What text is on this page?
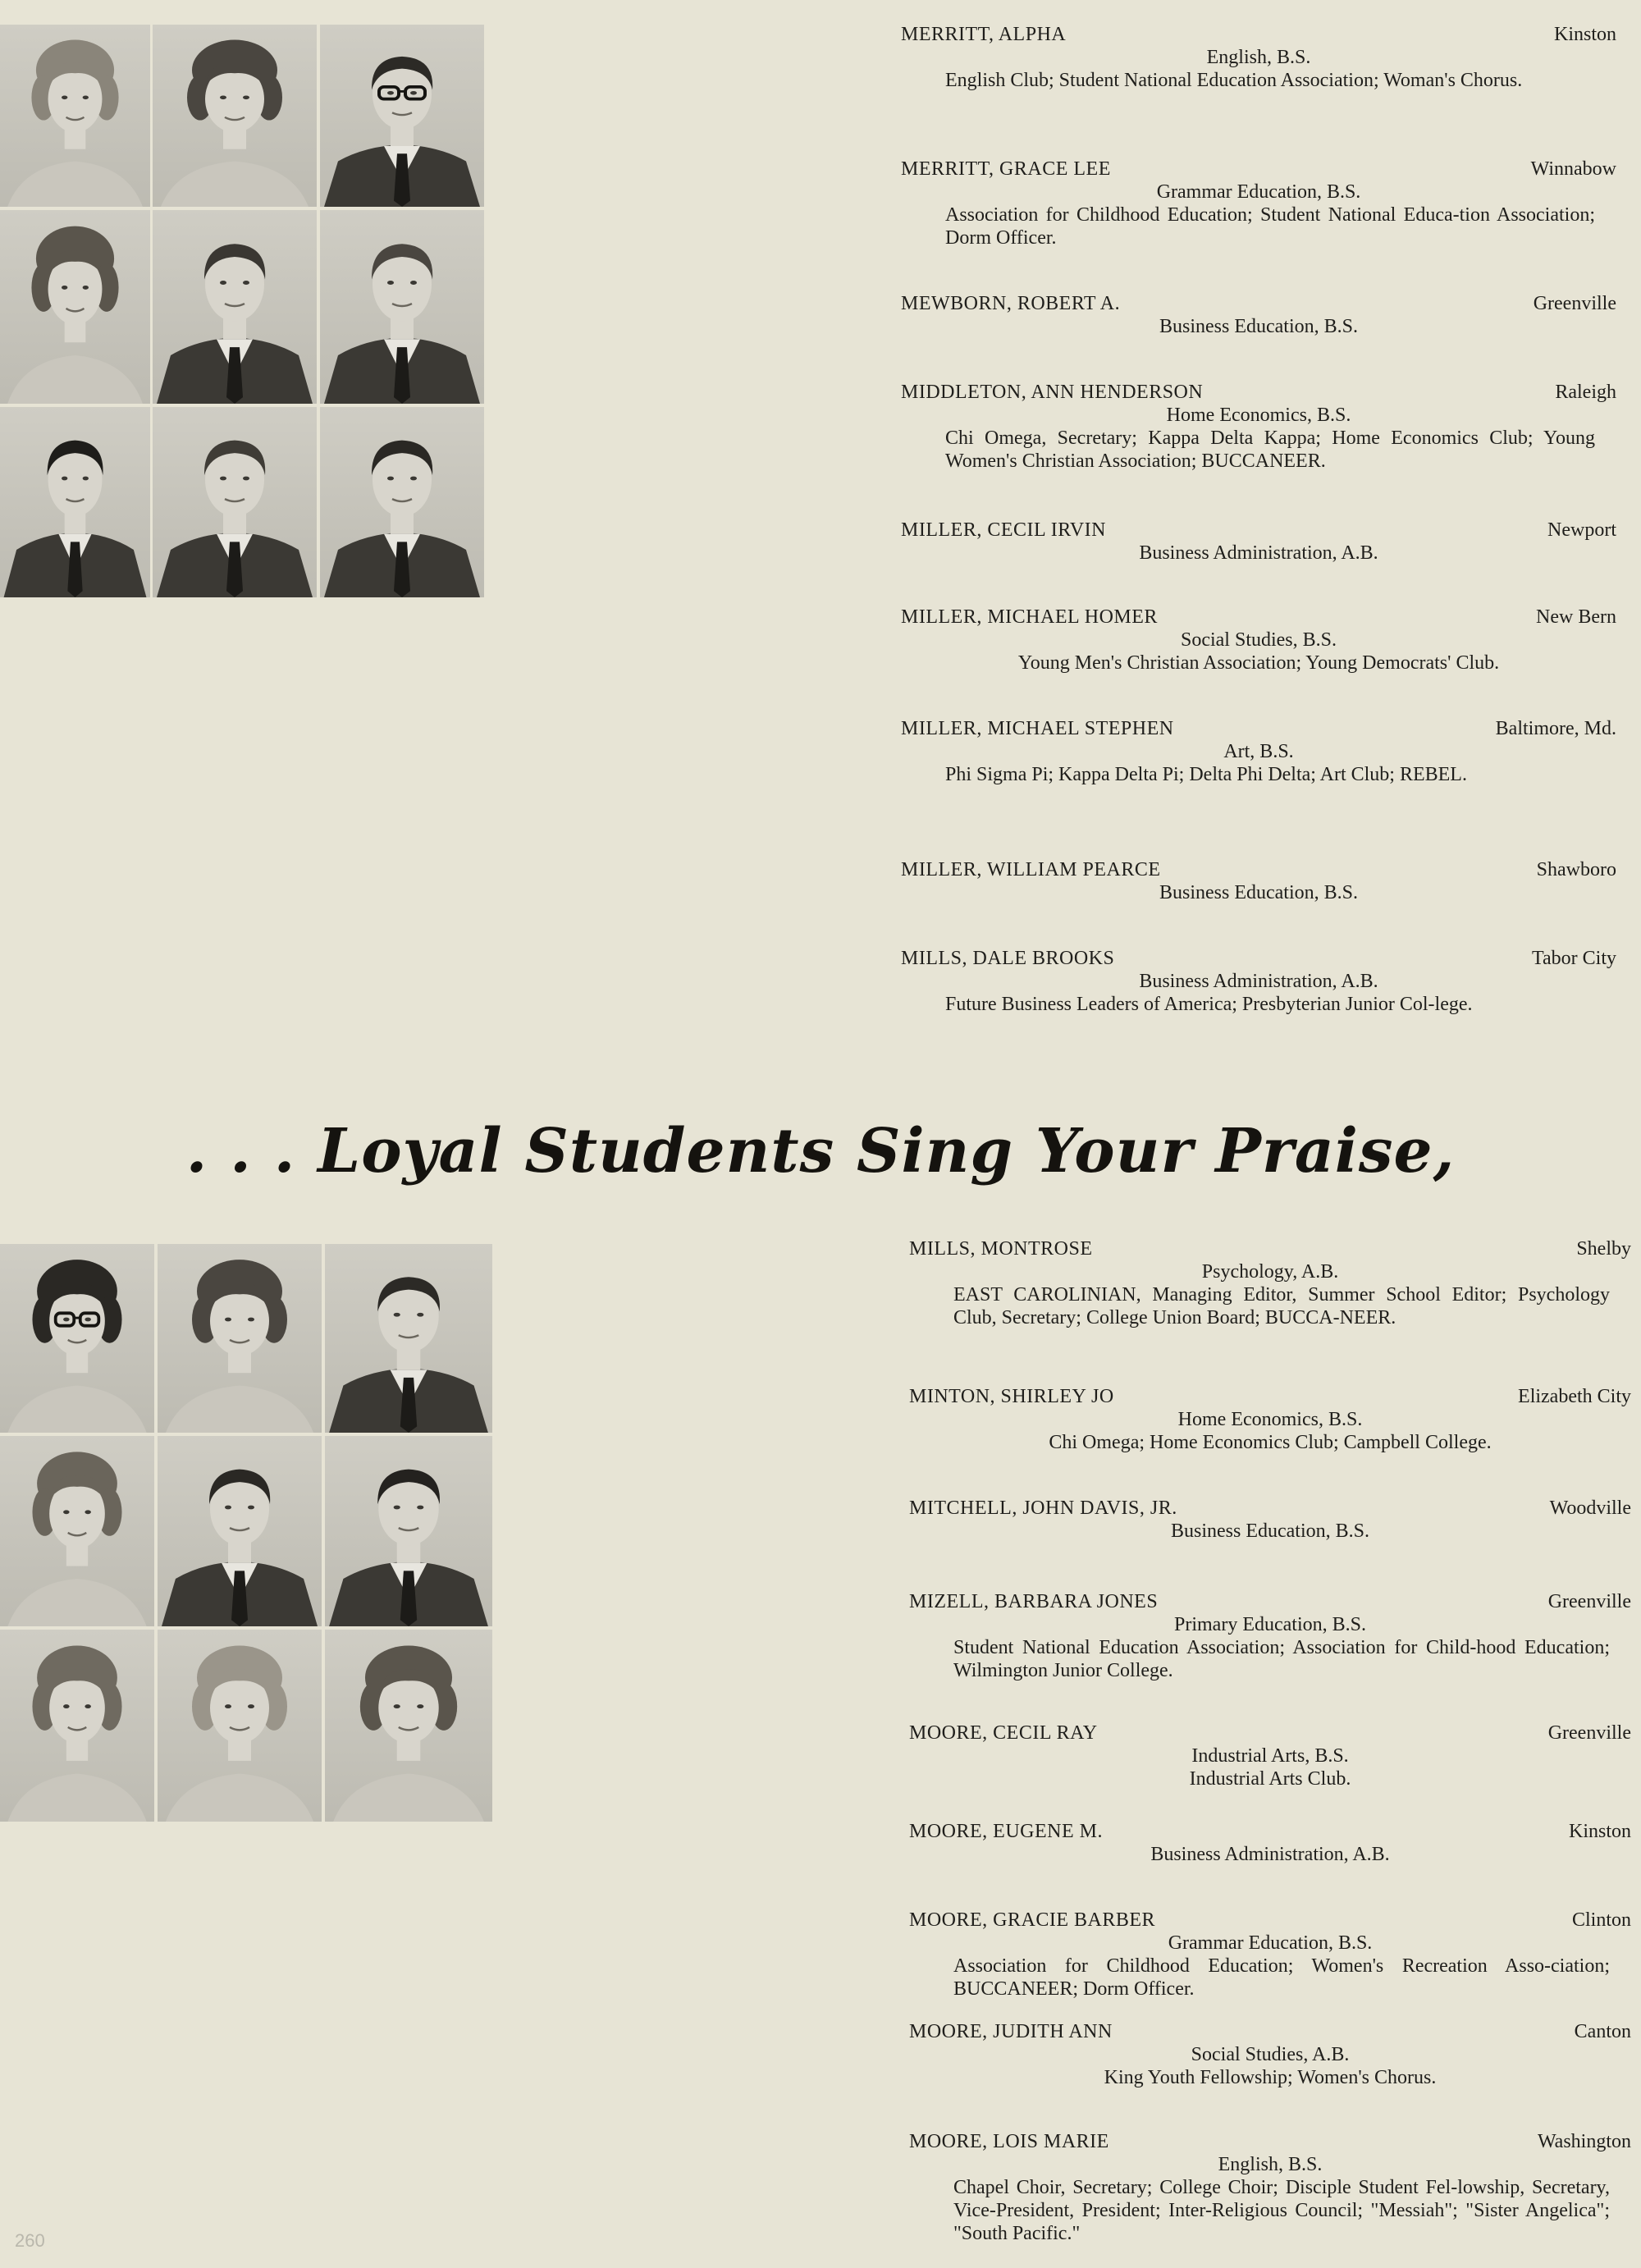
MERRITT, ALPHA	Kinston
English, B.S.
English Club; Student National Education Association; Woman's Chorus.
MERRITT, GRACE LEE	Winnabow
Grammar Education, B.S.
Association for Childhood Education; Student National Educa-tion Association; Dorm Officer.
MEWBORN, ROBERT A.	Greenville
Business Education, B.S.
MIDDLETON, ANN HENDERSON	Raleigh
Home Economics, B.S.
Chi Omega, Secretary; Kappa Delta Kappa; Home Economics Club; Young Women's Christian Association; BUCCANEER.
MILLER, CECIL IRVIN	Newport
Business Administration, A.B.
MILLER, MICHAEL HOMER	New Bern
Social Studies, B.S.
Young Men's Christian Association; Young Democrats' Club.
MILLER, MICHAEL STEPHEN	Baltimore, Md.
Art, B.S.
Phi Sigma Pi; Kappa Delta Pi; Delta Phi Delta; Art Club; REBEL.
MILLER, WILLIAM PEARCE	Shawboro
Business Education, B.S.
MILLS, DALE BROOKS	Tabor City
Business Administration, A.B.
Future Business Leaders of America; Presbyterian Junior Col-lege.
. . . Loyal Students Sing Your Praise,
MILLS, MONTROSE	Shelby
Psychology, A.B.
EAST CAROLINIAN, Managing Editor, Summer School Editor; Psychology Club, Secretary; College Union Board; BUCCA-NEER.
MINTON, SHIRLEY JO	Elizabeth City
Home Economics, B.S.
Chi Omega; Home Economics Club; Campbell College.
MITCHELL, JOHN DAVIS, JR.	Woodville
Business Education, B.S.
MIZELL, BARBARA JONES	Greenville
Primary Education, B.S.
Student National Education Association; Association for Child-hood Education; Wilmington Junior College.
MOORE, CECIL RAY	Greenville
Industrial Arts, B.S.
Industrial Arts Club.
MOORE, EUGENE M.	Kinston
Business Administration, A.B.
MOORE, GRACIE BARBER	Clinton
Grammar Education, B.S.
Association for Childhood Education; Women's Recreation Asso-ciation; BUCCANEER; Dorm Officer.
MOORE, JUDITH ANN	Canton
Social Studies, A.B.
King Youth Fellowship; Women's Chorus.
MOORE, LOIS MARIE	Washington
English, B.S.
Chapel Choir, Secretary; College Choir; Disciple Student Fel-lowship, Secretary, Vice-President, President; Inter-Religious Council; "Messiah"; "Sister Angelica"; "South Pacific."
260
